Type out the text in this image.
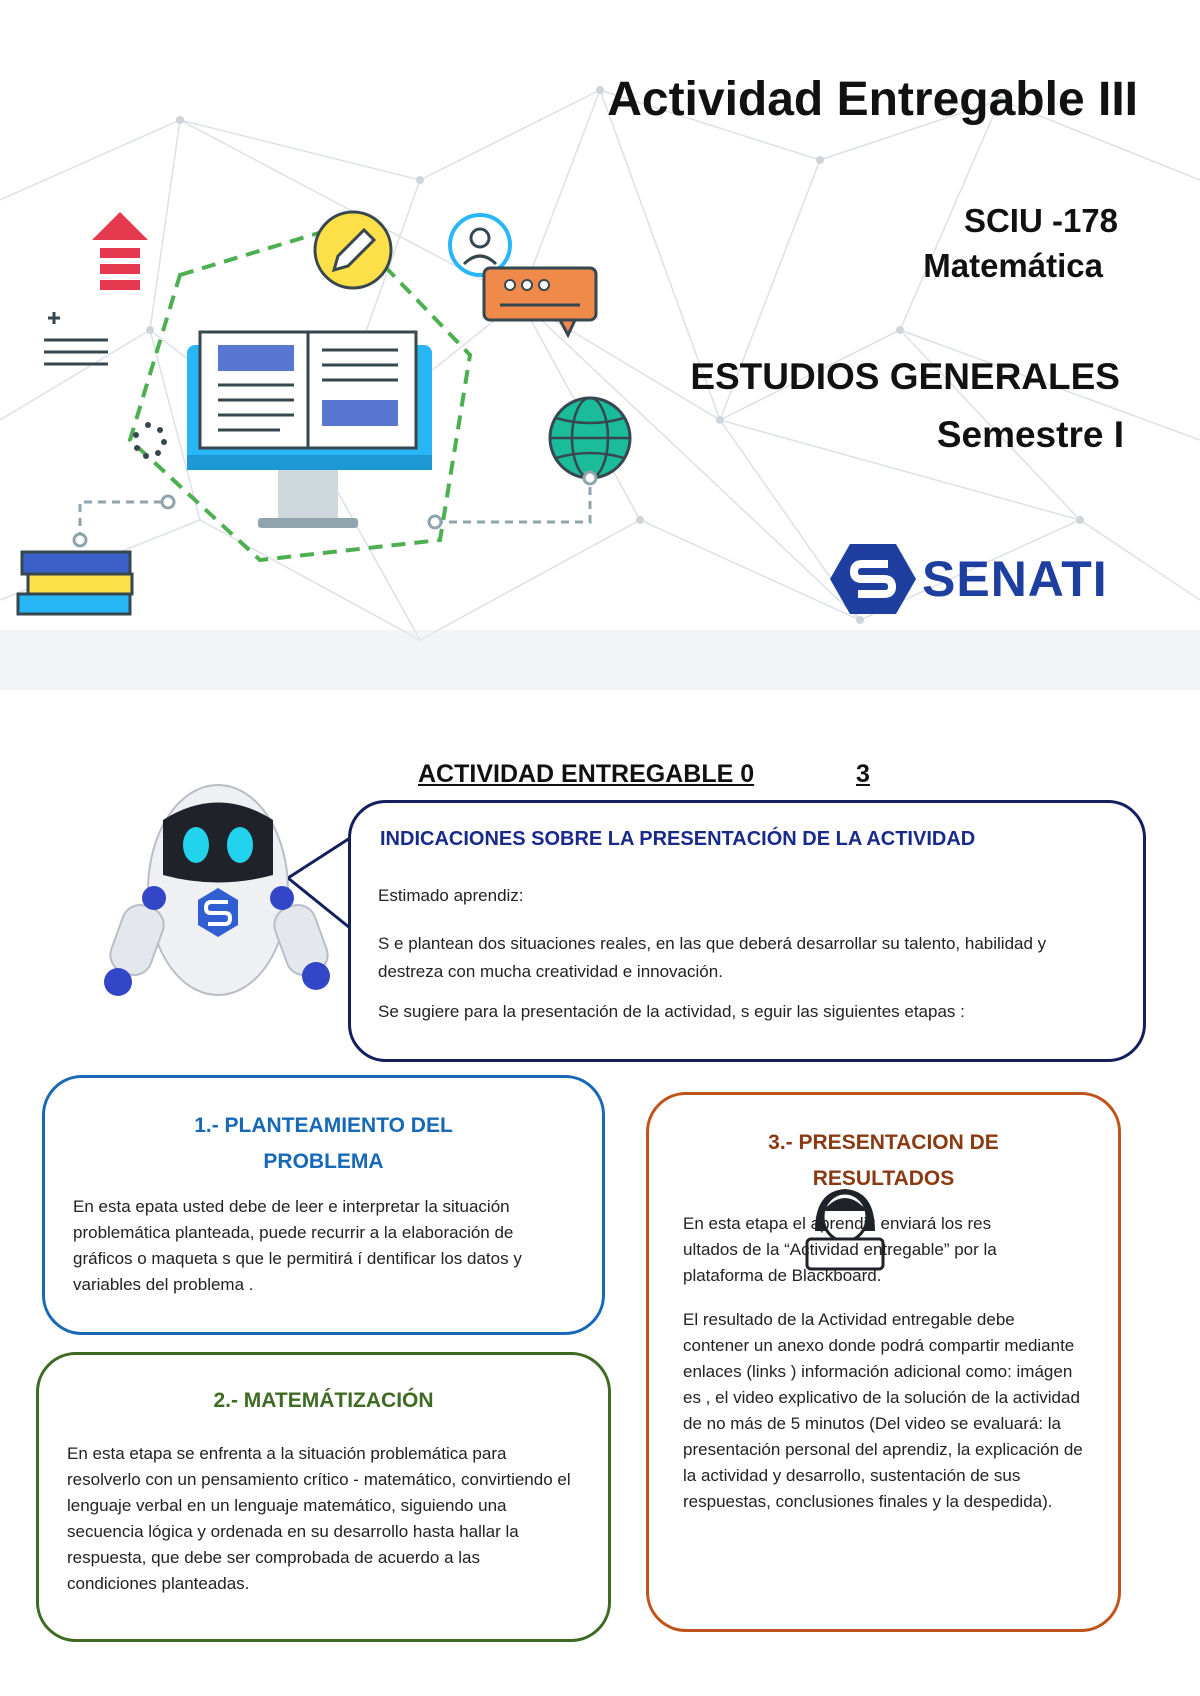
Actividad Entregable III
SCIU -178
Matemática
ESTUDIOS GENERALES
Semestre I
SENATI
ACTIVIDAD ENTREGABLE 0	3
INDICACIONES SOBRE LA PRESENTACIÓN DE LA ACTIVIDAD
Estimado aprendiz:
S e plantean dos situaciones reales, en las que deberá desarrollar su talento, habilidad y destreza con mucha creatividad e innovación.
Se sugiere para la presentación de la actividad, s eguir las siguientes etapas :
1.- PLANTEAMIENTO DEL
PROBLEMA
En esta epata usted debe de leer e interpretar la situación problemática planteada, puede recurrir a la elaboración de gráficos o maqueta s que le permitirá í dentificar los datos y variables del problema .
2.- MATEMÁTIZACIÓN
En esta etapa se enfrenta a la situación problemática para resolverlo con un pensamiento crítico - matemático, convirtiendo el lenguaje verbal en un lenguaje matemático, siguiendo una secuencia lógica y ordenada en su desarrollo hasta hallar la respuesta, que debe ser comprobada de acuerdo a las condiciones planteadas.
3.- PRESENTACION DE
RESULTADOS
En esta etapa el aprendiz enviará los res ultados de la “Actividad entregable” por la plataforma de Blackboard.
El resultado de la Actividad entregable debe contener un anexo donde podrá compartir mediante enlaces (links ) información adicional como: imágen es , el video explicativo de la solución de la actividad de no más de 5 minutos (Del video se evaluará: la presentación personal del aprendiz, la explicación de la actividad y desarrollo, sustentación de sus respuestas, conclusiones finales y la despedida).
